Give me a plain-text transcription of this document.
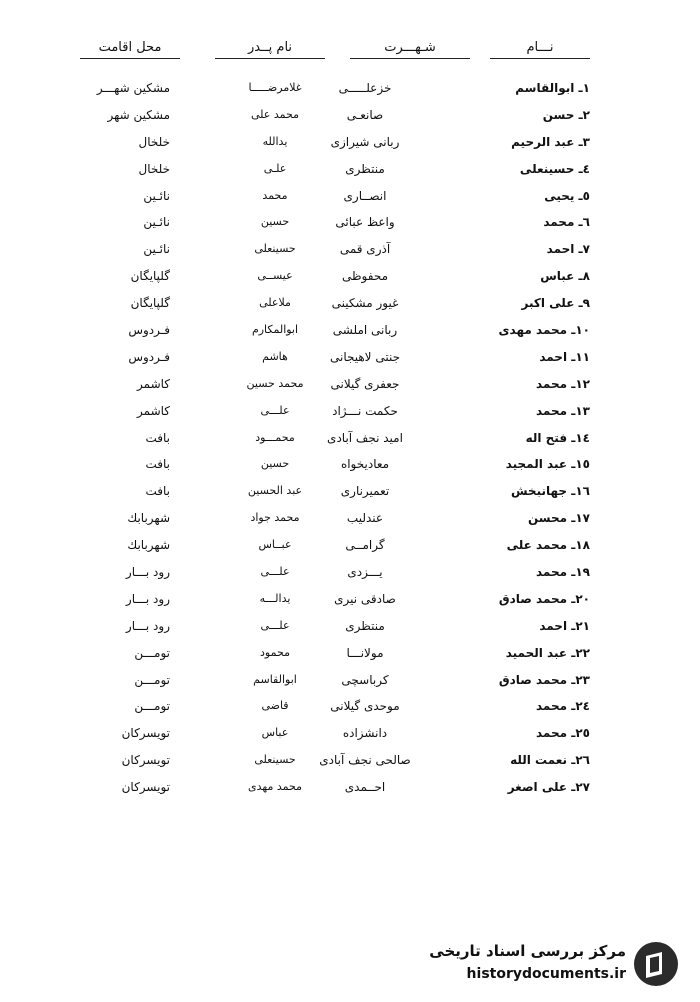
نـــام
شـهـــرت
نام پــدر
محل اقامت
١ـ ابوالقاسم
خزعلـــــى
غلامرضـــــا
مشكين شهـــر
٢ـ حسن
صانعـى
محمد على
مشكين شهر
٣ـ عبد الرحيم
ربانى شيرازى
يدالله
خلخال
٤ـ حسينعلى
منتظرى
علـى
خلخال
٥ـ يحيى
انصــارى
محمد
نائـين
٦ـ محمد
واعظ عبائى
حسين
نائـين
٧ـ احمد
آذرى قمى
حسينعلى
نائـين
٨ـ عباس
محفوظى
عيســى
گلپايگان
٩ـ على اكبر
غيور مشكينى
ملاعلى
گلپايگان
١٠ـ محمد مهدى
ربانى املشى
ابوالمكارم
فـردوس
١١ـ احمد
جنتى لاهيجانى
هاشم
فـردوس
١٢ـ محمد
جعفرى گيلانى
محمد حسين
كاشمر
١٣ـ محمد
حكمت نـــژاد
علـــى
كاشمر
١٤ـ فتح اله
اميد نجف آبادى
محمـــود
بافت
١٥ـ عبد المجيد
معاديخواه
حسين
بافت
١٦ـ جهانبخش
تعميرنارى
عبد الحسين
بافت
١٧ـ محسن
عندليب
محمد جواد
شهربابك
١٨ـ محمد على
گرامــى
عبــاس
شهربابك
١٩ـ محمد
يـــزدى
علـــى
رود بـــار
٢٠ـ محمد صادق
صادقى نيرى
يدالـــه
رود بـــار
٢١ـ احمد
منتظرى
علـــى
رود بـــار
٢٢ـ عبد الحميد
مولانـــا
محمود
تومـــن
٢٣ـ محمد صادق
كرباسچى
ابوالقاسم
تومـــن
٢٤ـ محمد
موحدى گيلانى
قاضى
تومـــن
٢٥ـ محمد
دانشزاده
عباس
تويسركان
٢٦ـ نعمت الله
صالحى نجف آبادى
حسينعلى
تويسركان
٢٧ـ على اصغر
احــمدى
محمد مهدى
تويسركان
مركز بررسى اسناد تاريخى
historydocuments.ir
